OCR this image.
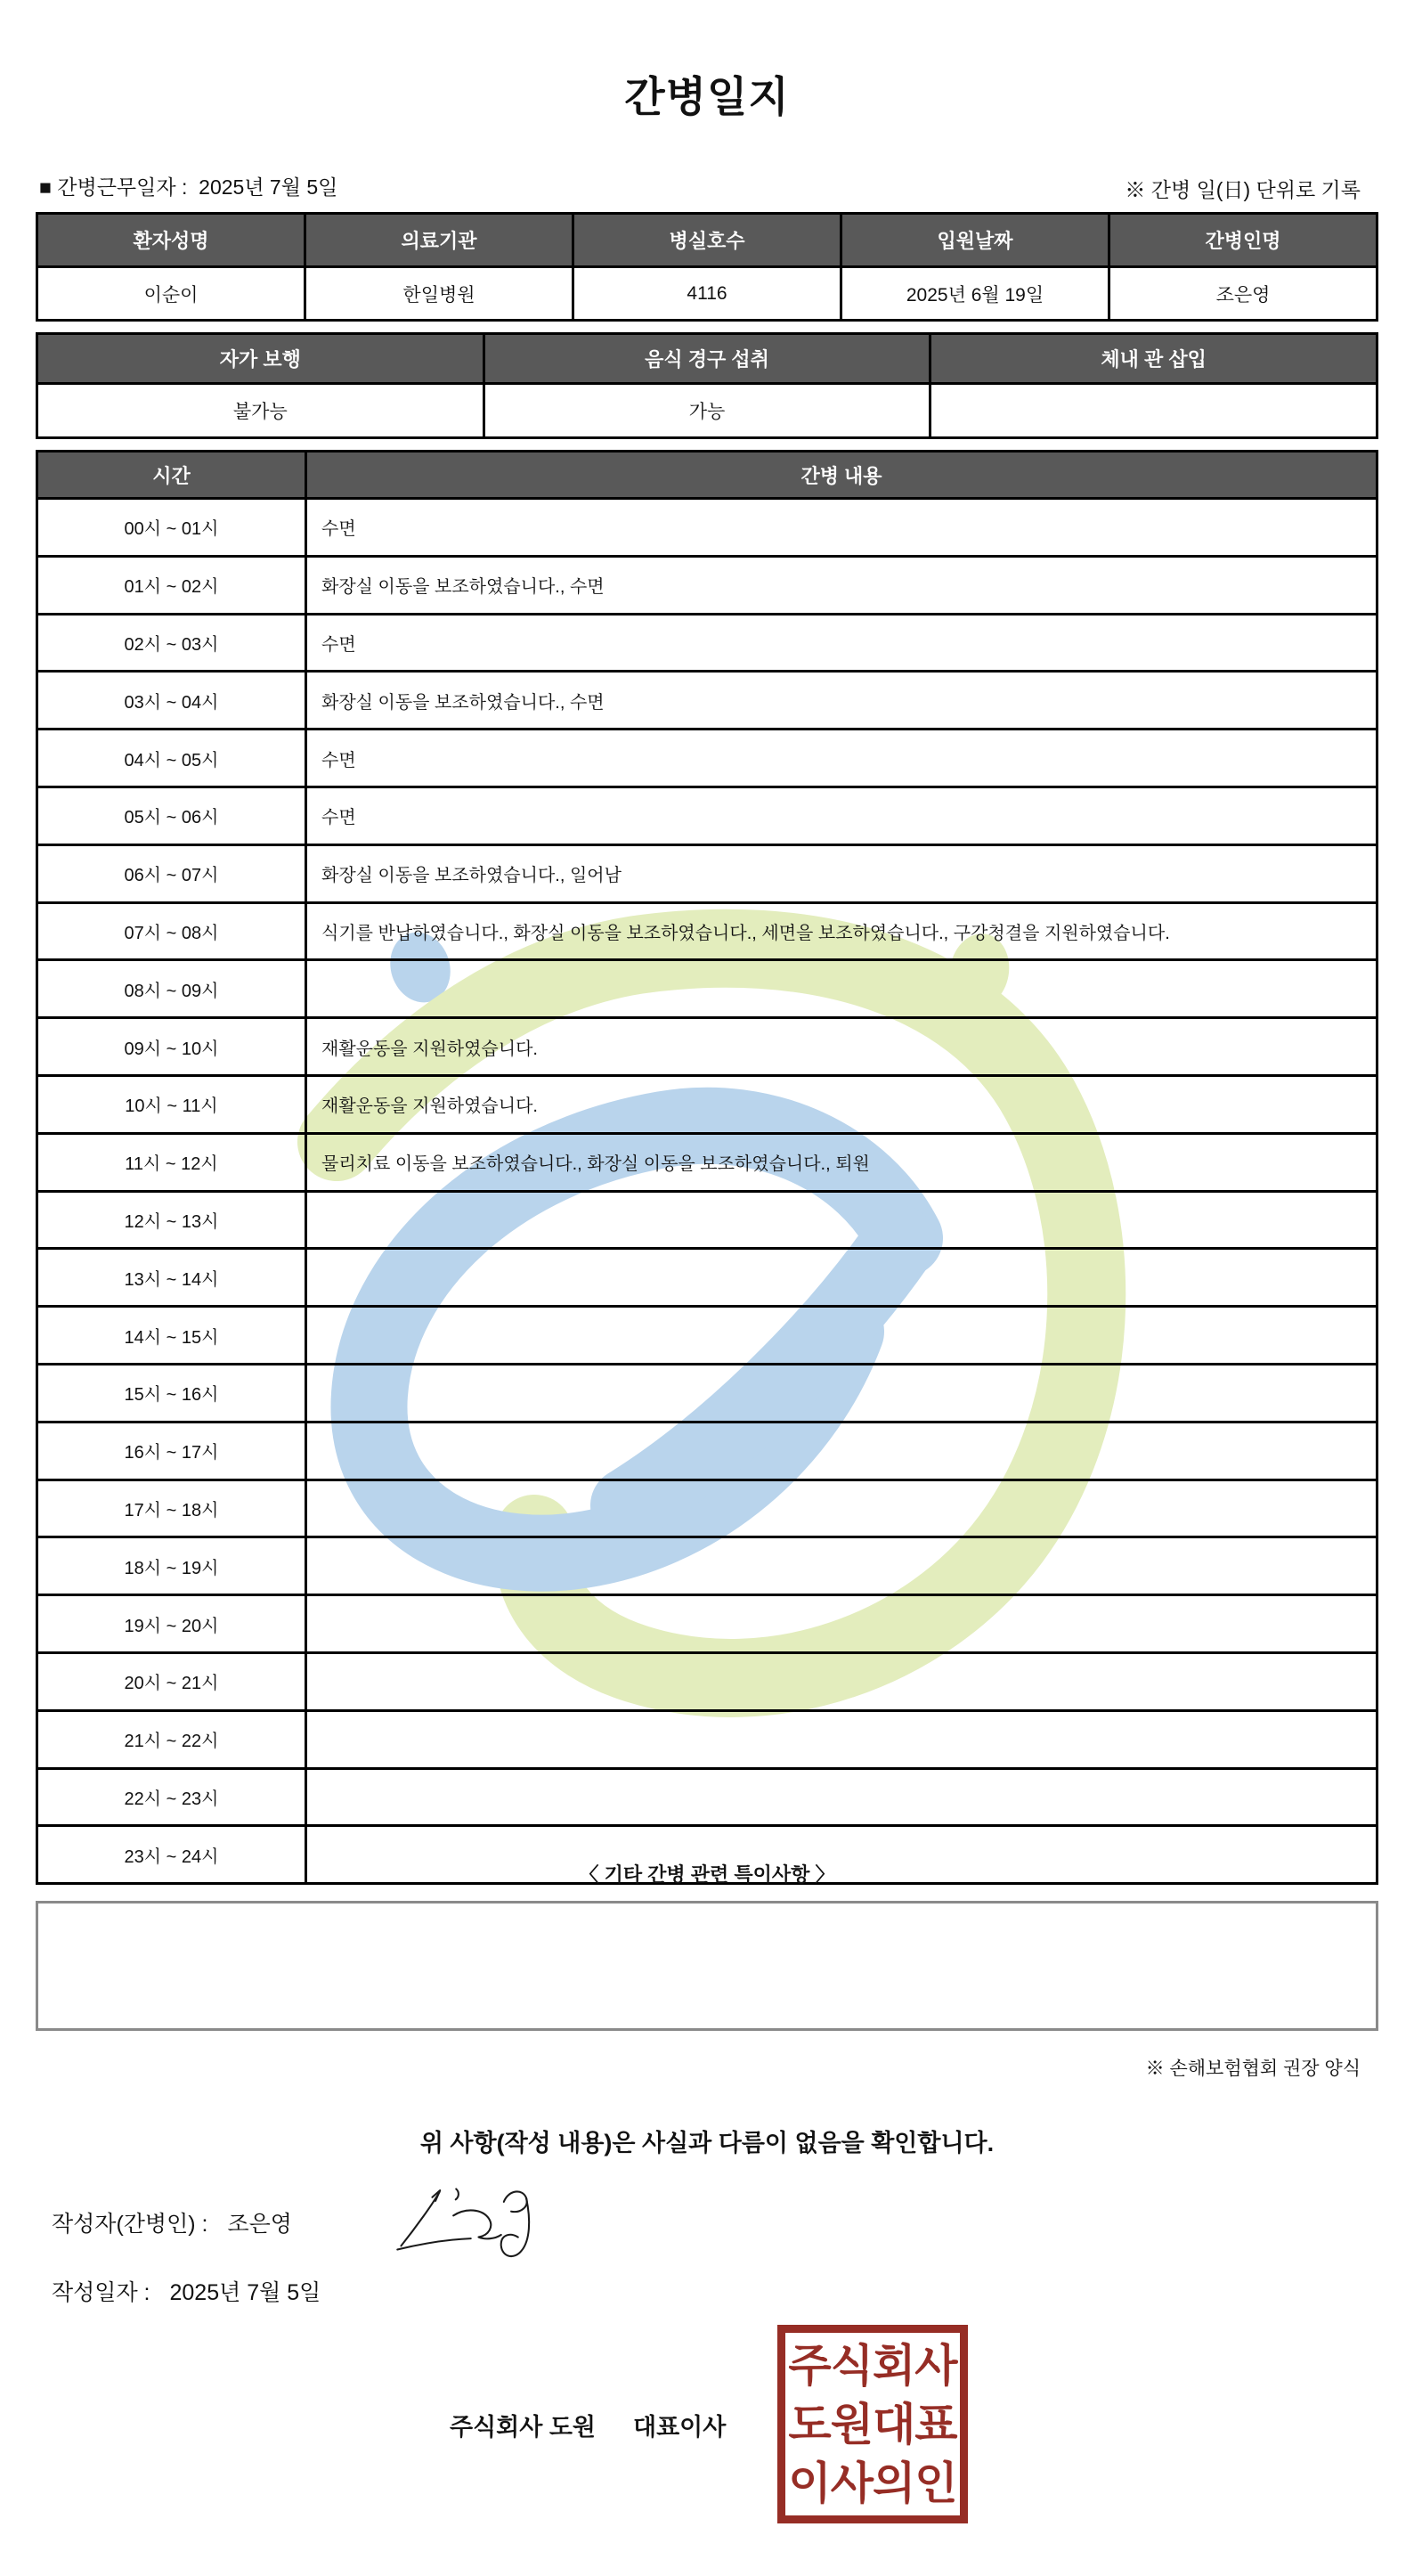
간병일지
■ 간병근무일자 : 2025년 7월 5일	※ 간병 일(日) 단위로 기록
환자성명	의료기관	병실호수	입원날짜	간병인명
이순이	한일병원	4116	2025년 6월 19일	조은영
자가 보행	음식 경구 섭취	체내 관 삽입
불가능	가능	
시간	간병 내용
00시 ~ 01시	수면
01시 ~ 02시	화장실 이동을 보조하였습니다., 수면
02시 ~ 03시	수면
03시 ~ 04시	화장실 이동을 보조하였습니다., 수면
04시 ~ 05시	수면
05시 ~ 06시	수면
06시 ~ 07시	화장실 이동을 보조하였습니다., 일어남
07시 ~ 08시	식기를 반납하였습니다., 화장실 이동을 보조하였습니다., 세면을 보조하였습니다., 구강청결을 지원하였습니다.
08시 ~ 09시	
09시 ~ 10시	재활운동을 지원하였습니다.
10시 ~ 11시	재활운동을 지원하였습니다.
11시 ~ 12시	물리치료 이동을 보조하였습니다., 화장실 이동을 보조하였습니다., 퇴원
12시 ~ 13시	
13시 ~ 14시	
14시 ~ 15시	
15시 ~ 16시	
16시 ~ 17시	
17시 ~ 18시	
18시 ~ 19시	
19시 ~ 20시	
20시 ~ 21시	
21시 ~ 22시	
22시 ~ 23시	
23시 ~ 24시	
〈 기타 간병 관련 특이사항 〉
※ 손해보험협회 권장 양식
위 사항(작성 내용)은 사실과 다름이 없음을 확인합니다.
작성자(간병인) : 조은영
작성일자 : 2025년 7월 5일
주식회사 도원 대표이사
주식회사
도원대표
이사의인
